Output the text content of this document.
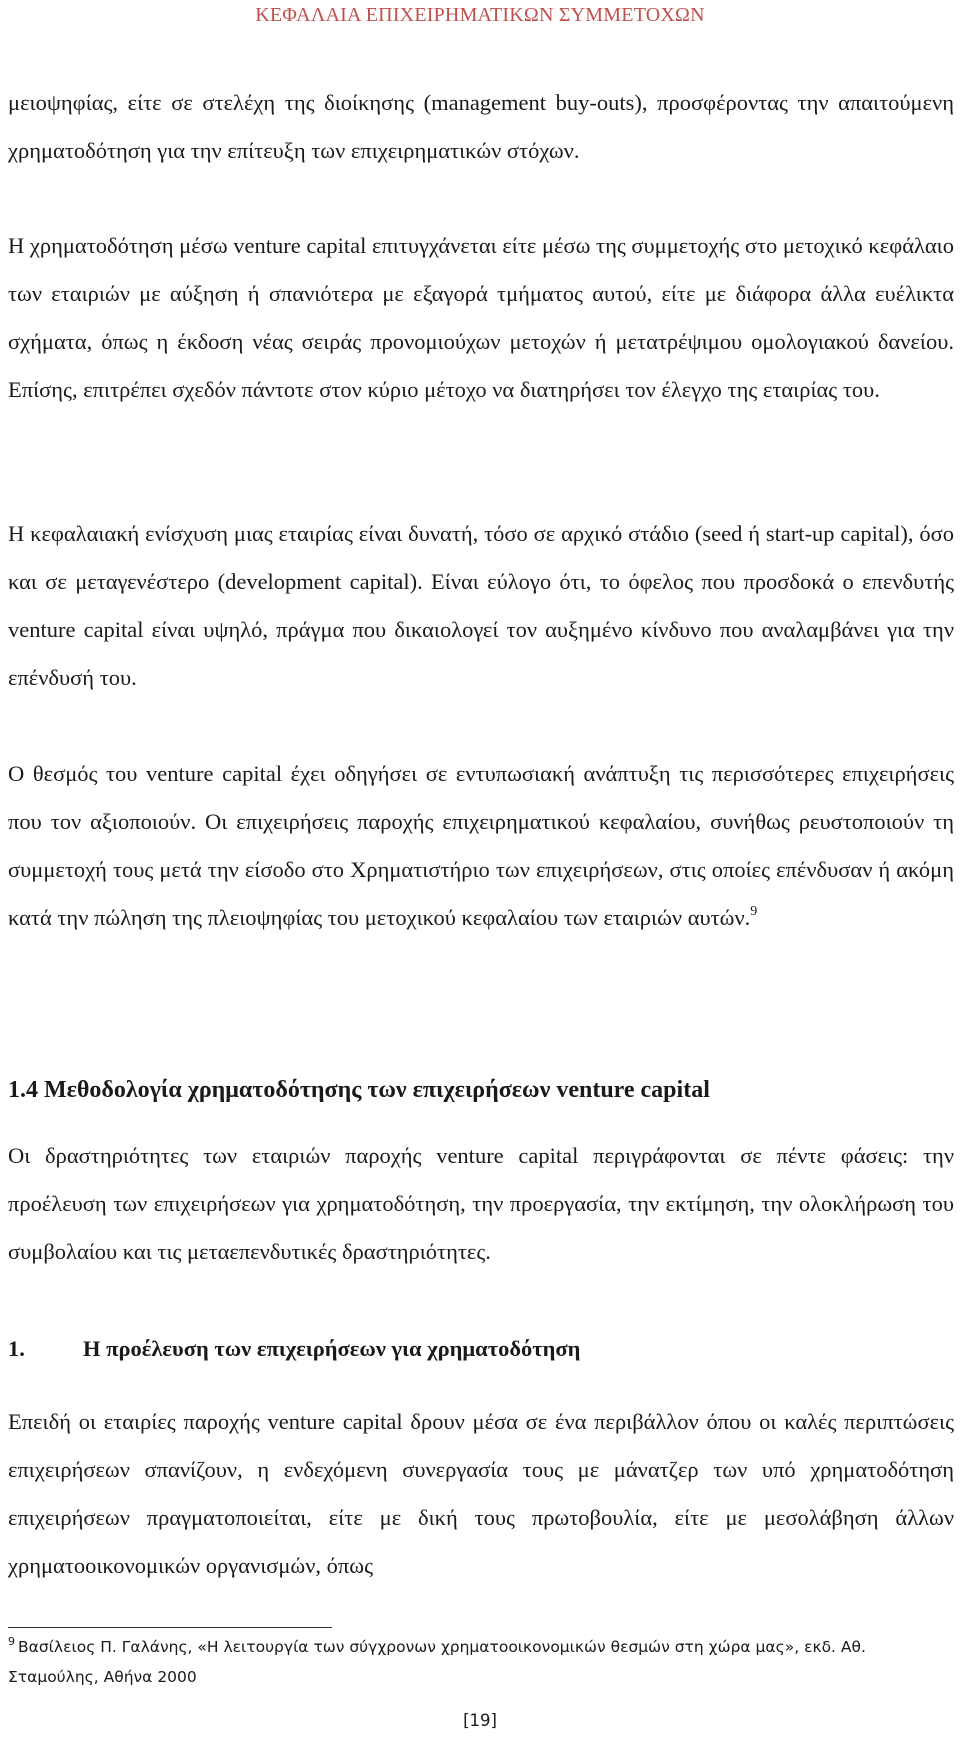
ΚΕΦΑΛΑΙΑ ΕΠΙΧΕΙΡΗΜΑΤΙΚΩΝ ΣΥΜΜΕΤΟΧΩΝ

μειοψηφίας, είτε σε στελέχη της διοίκησης (management buy-outs), προσφέροντας την απαιτούμενη χρηματοδότηση για την επίτευξη των επιχειρηματικών στόχων.

Η χρηματοδότηση μέσω venture capital επιτυγχάνεται είτε μέσω της συμμετοχής στο μετοχικό κεφάλαιο των εταιριών με αύξηση ή σπανιότερα με εξαγορά τμήματος αυτού, είτε με διάφορα άλλα ευέλικτα σχήματα, όπως η έκδοση νέας σειράς προνομιούχων μετοχών ή μετατρέψιμου ομολογιακού δανείου. Επίσης, επιτρέπει σχεδόν πάντοτε στον κύριο μέτοχο να διατηρήσει τον έλεγχο της εταιρίας του.

Η κεφαλαιακή ενίσχυση μιας εταιρίας είναι δυνατή, τόσο σε αρχικό στάδιο (seed ή start-up capital), όσο και σε μεταγενέστερο (development capital). Είναι εύλογο ότι, το όφελος που προσδοκά ο επενδυτής venture capital είναι υψηλό, πράγμα που δικαιολογεί τον αυξημένο κίνδυνο που αναλαμβάνει για την επένδυσή του.

Ο θεσμός του venture capital έχει οδηγήσει σε εντυπωσιακή ανάπτυξη τις περισσότερες επιχειρήσεις που τον αξιοποιούν. Οι επιχειρήσεις παροχής επιχειρηματικού κεφαλαίου, συνήθως ρευστοποιούν τη συμμετοχή τους μετά την είσοδο στο Χρηματιστήριο των επιχειρήσεων, στις οποίες επένδυσαν ή ακόμη κατά την πώληση της πλειοψηφίας του μετοχικού κεφαλαίου των εταιριών αυτών.$^9$

1.4 Μεθοδολογία χρηματοδότησης των επιχειρήσεων venture capital

Οι δραστηριότητες των εταιριών παροχής venture capital περιγράφονται σε πέντε φάσεις: την προέλευση των επιχειρήσεων για χρηματοδότηση, την προεργασία, την εκτίμηση, την ολοκλήρωση του συμβολαίου και τις μεταεπενδυτικές δραστηριότητες.

1.	Η προέλευση των επιχειρήσεων για χρηματοδότηση

Επειδή οι εταιρίες παροχής venture capital δρουν μέσα σε ένα περιβάλλον όπου οι καλές περιπτώσεις επιχειρήσεων σπανίζουν, η ενδεχόμενη συνεργασία τους με μάνατζερ των υπό χρηματοδότηση επιχειρήσεων πραγματοποιείται, είτε με δική τους πρωτοβουλία, είτε με μεσολάβηση άλλων χρηματοοικονομικών οργανισμών, όπως

$^9$ Βασίλειος Π. Γαλάνης, «Η λειτουργία των σύγχρονων χρηματοοικονομικών θεσμών στη χώρα μας», εκδ. Αθ. Σταμούλης, Αθήνα 2000

[19]
